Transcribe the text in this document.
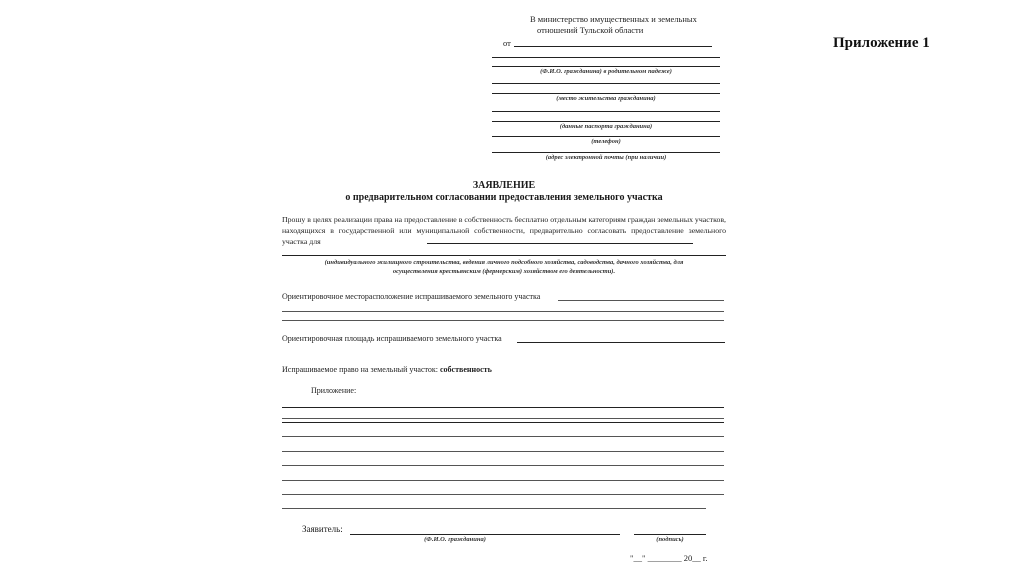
Приложение 1
В министерство имущественных и земельных
отношений Тульской области
от
(Ф.И.О. гражданина) в родительном падеже)
(место жительства гражданина)
(данные паспорта гражданина)
(телефон)
(адрес электронной почты (при наличии)
ЗАЯВЛЕНИЕ
о предварительном согласовании предоставления земельного участка
Прошу в целях реализации права на предоставление в собственность бесплатно отдельным категориям граждан земельных участков, находящихся в государственной или муниципальной собственности, предварительно согласовать предоставление земельного участка для
(индивидуального жилищного строительства, ведения личного подсобного хозяйства, садоводства, дачного хозяйства, для
осуществления крестьянским (фермерским) хозяйством его деятельности).
Ориентировочное месторасположение испрашиваемого земельного участка
Ориентировочная площадь испрашиваемого земельного участка
Испрашиваемое право на земельный участок: собственность
Приложение:
Заявитель:
(Ф.И.О. гражданина)	(подпись)
"__" ________ 20__ г.
